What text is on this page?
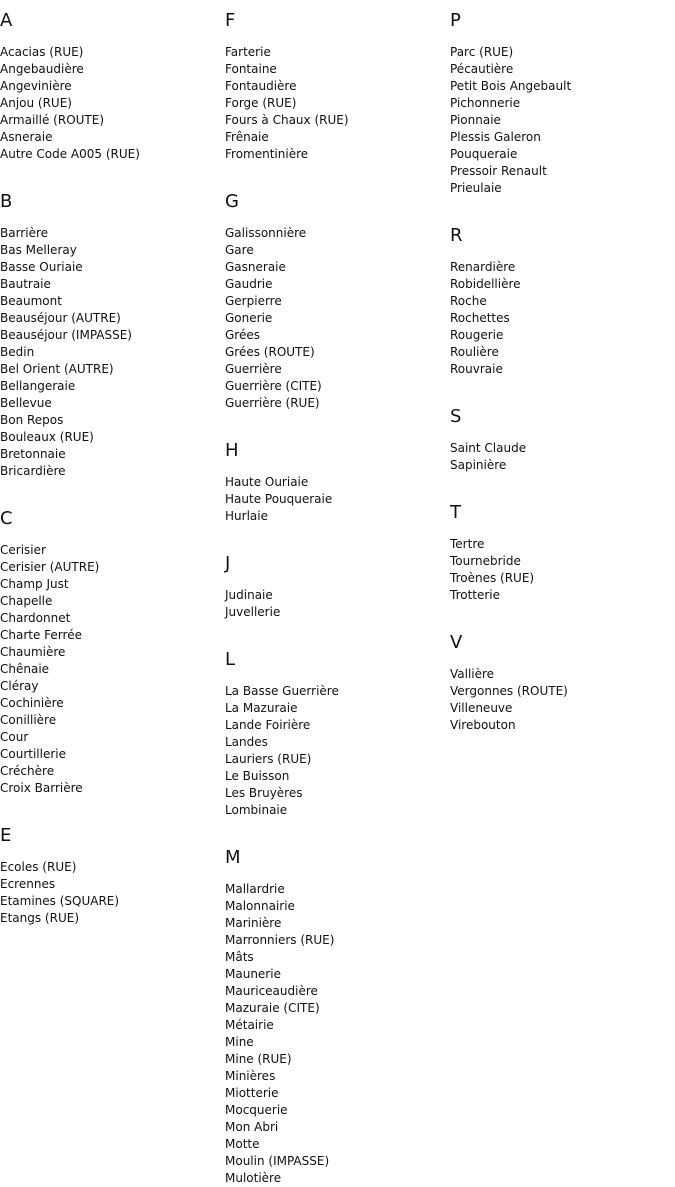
A
Acacias (RUE)
Angebaudière
Angevinière
Anjou (RUE)
Armaillé (ROUTE)
Asneraie
Autre Code A005 (RUE)
B
Barrière
Bas Melleray
Basse Ouriaie
Bautraie
Beaumont
Beauséjour (AUTRE)
Beauséjour (IMPASSE)
Bedin
Bel Orient (AUTRE)
Bellangeraie
Bellevue
Bon Repos
Bouleaux (RUE)
Bretonnaie
Bricardière
C
Cerisier
Cerisier (AUTRE)
Champ Just
Chapelle
Chardonnet
Charte Ferrée
Chaumière
Chênaie
Cléray
Cochinière
Conillière
Cour
Courtillerie
Créchère
Croix Barrière
E
Ecoles (RUE)
Ecrennes
Etamines (SQUARE)
Etangs (RUE)
F
Farterie
Fontaine
Fontaudière
Forge (RUE)
Fours à Chaux (RUE)
Frênaie
Fromentinière
G
Galissonnière
Gare
Gasneraie
Gaudrie
Gerpierre
Gonerie
Grées
Grées (ROUTE)
Guerrière
Guerrière (CITE)
Guerrière (RUE)
H
Haute Ouriaie
Haute Pouqueraie
Hurlaie
J
Judinaie
Juvellerie
L
La Basse Guerrière
La Mazuraie
Lande Foirière
Landes
Lauriers (RUE)
Le Buisson
Les Bruyères
Lombinaie
M
Mallardrie
Malonnairie
Marinière
Marronniers (RUE)
Mâts
Maunerie
Mauriceaudière
Mazuraie (CITE)
Métairie
Mine
Mine (RUE)
Minières
Miotterie
Mocquerie
Mon Abri
Motte
Moulin (IMPASSE)
Mulotière
P
Parc (RUE)
Pécautière
Petit Bois Angebault
Pichonnerie
Pionnaie
Plessis Galeron
Pouqueraie
Pressoir Renault
Prieulaie
R
Renardière
Robidellière
Roche
Rochettes
Rougerie
Roulière
Rouvraie
S
Saint Claude
Sapinière
T
Tertre
Tournebride
Troènes (RUE)
Trotterie
V
Vallière
Vergonnes (ROUTE)
Villeneuve
Virebouton
